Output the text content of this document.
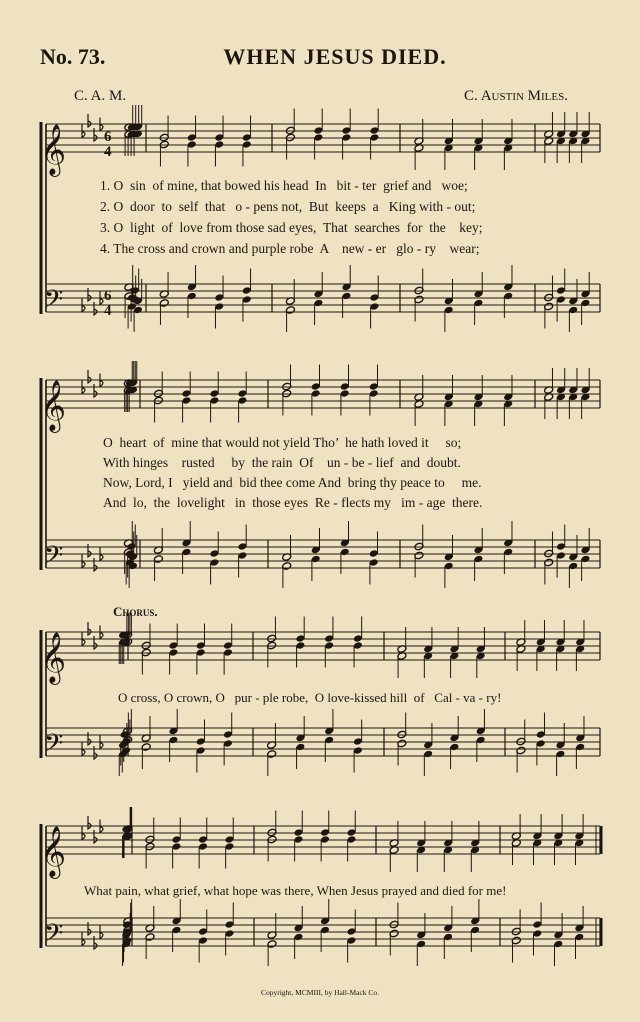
No. 73.	WHEN JESUS DIED.
C. A. M.	C. Austin Miles.
𝄞
𝄢
6
4
6
4
𝄞
𝄢
𝄞
𝄢
𝄞
𝄢
1. O  sin  of mine, that bowed his head  In   bit - ter  grief and   woe;
2. O  door  to  self  that   o - pens not,  But  keeps  a   King with - out;
3. O  light  of  love from those sad eyes,  That  searches  for  the    key;
4. The cross and crown and purple robe  A    new - er   glo - ry    wear;
O  heart  of  mine that would not yield Tho’  he hath loved it     so;
With hinges    rusted     by  the rain  Of    un - be - lief  and  doubt.
Now, Lord, I   yield and  bid thee come And  bring thy peace to     me.
And  lo,  the  lovelight   in  those eyes  Re - flects my   im - age  there.
Chorus.
O cross, O crown, O   pur - ple robe,  O love-kissed hill  of   Cal - va - ry!
What pain, what grief, what hope was there, When Jesus prayed and died for me!
Copyright, MCMIII, by Hall-Mack Co.
